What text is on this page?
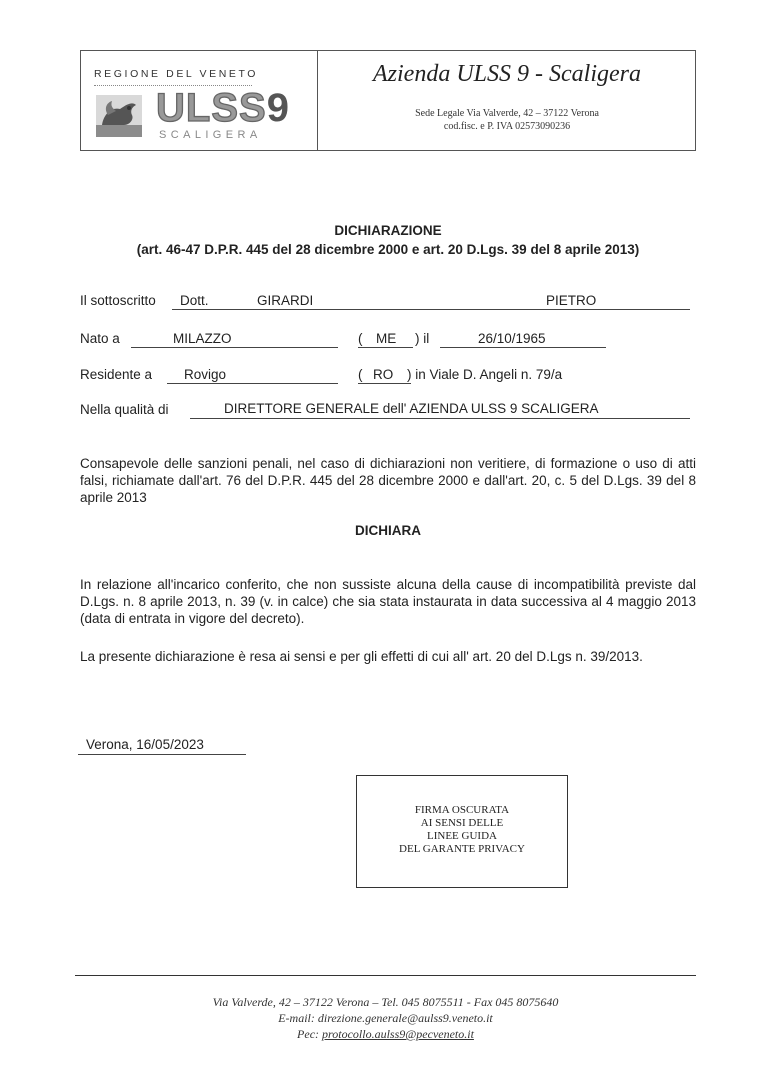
REGIONE DEL VENETO
ULSS9
SCALIGERA
Azienda ULSS 9 - Scaligera
Sede Legale Via Valverde, 42 – 37122 Verona
cod.fisc. e P. IVA 02573090236
DICHIARAZIONE
(art. 46-47 D.P.R. 445 del 28 dicembre 2000 e art. 20 D.Lgs. 39 del 8 aprile 2013)
Il sottoscritto Dott.	GIRARDI	PIETRO
Nato a	MILAZZO	( ME ) il	26/10/1965
Residente a Rovigo	( RO ) in Viale D. Angeli n. 79/a
Nella qualità di	DIRETTORE GENERALE dell' AZIENDA ULSS 9 SCALIGERA
Consapevole delle sanzioni penali, nel caso di dichiarazioni non veritiere, di formazione o uso di atti falsi, richiamate dall'art. 76 del D.P.R. 445 del 28 dicembre 2000 e dall'art. 20, c. 5 del D.Lgs. 39 del 8 aprile 2013
DICHIARA
In relazione all'incarico conferito, che non sussiste alcuna della cause di incompatibilità previste dal D.Lgs. n. 8 aprile 2013, n. 39 (v. in calce) che sia stata instaurata in data successiva al 4 maggio 2013 (data di entrata in vigore del decreto).
La presente dichiarazione è resa ai sensi e per gli effetti di cui all' art. 20 del D.Lgs n. 39/2013.
Verona, 16/05/2023
FIRMA OSCURATA
AI SENSI DELLE
LINEE GUIDA
DEL GARANTE PRIVACY
Via Valverde, 42 – 37122 Verona – Tel. 045 8075511 - Fax 045 8075640
E-mail: direzione.generale@aulss9.veneto.it
Pec: protocollo.aulss9@pecveneto.it
